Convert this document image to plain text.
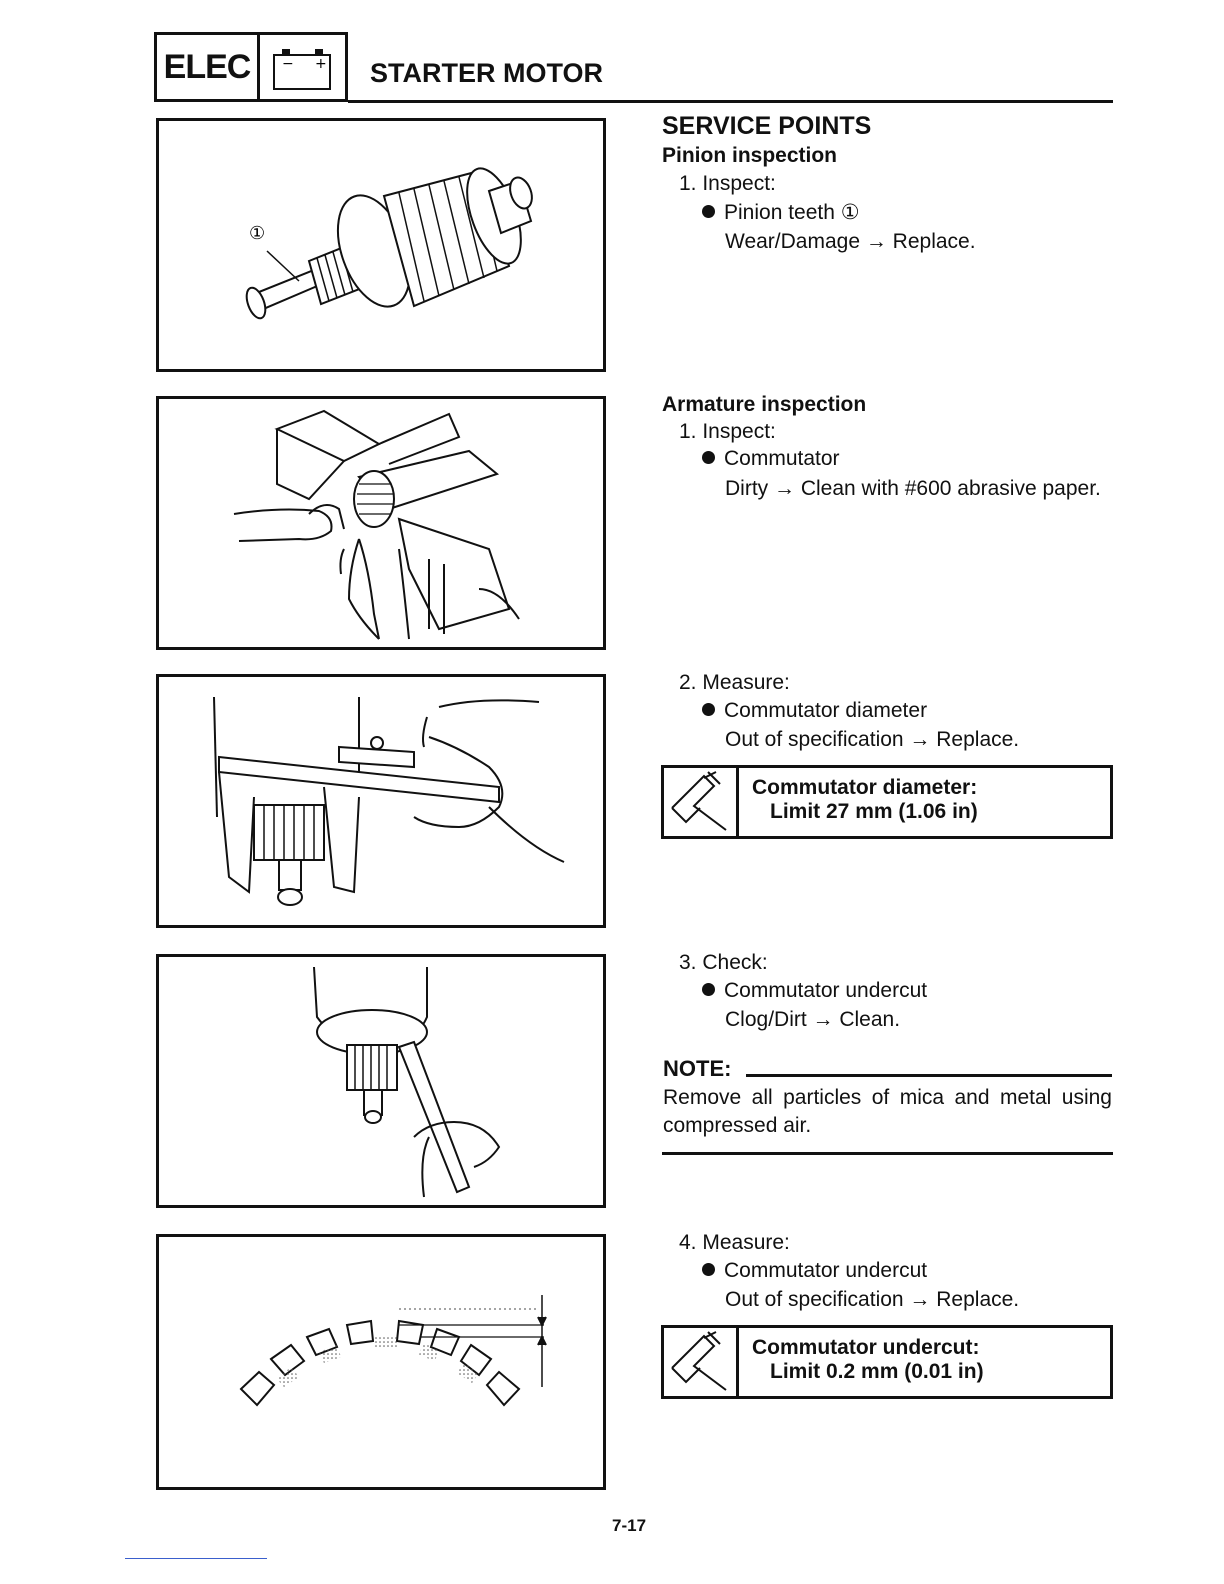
ELEC	− + STARTER MOTOR
①
SERVICE POINTS
Pinion inspection
1. Inspect:
Pinion teeth ①
Wear/Damage → Replace.
Armature inspection
1. Inspect:
Commutator
Dirty → Clean with #600 abrasive paper.
2. Measure:
Commutator diameter
Out of specification → Replace.
Commutator diameter:
Limit 27 mm (1.06 in)
3. Check:
Commutator undercut
Clog/Dirt → Clean.
NOTE:
Remove all particles of mica and metal using compressed air.
4. Measure:
Commutator undercut
Out of specification → Replace.
Commutator undercut:
Limit 0.2 mm (0.01 in)
7-17
